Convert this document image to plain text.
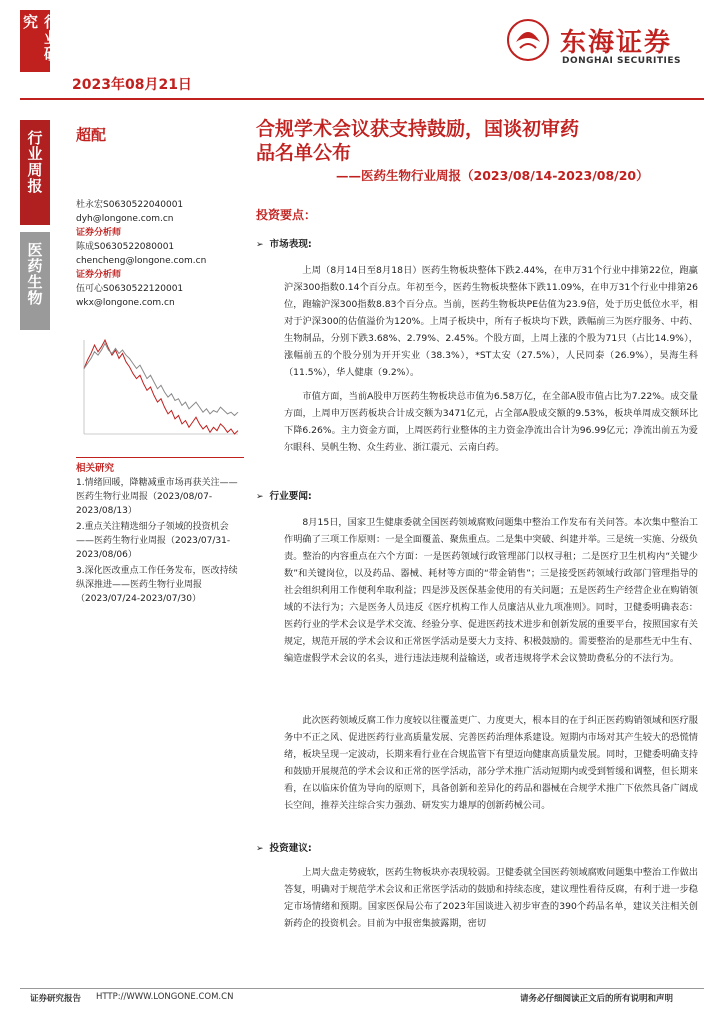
行业研究
行业周报
医药生物
2023年08月21日
东海证券
DONGHAI SECURITIES
超配	合规学术会议获支持鼓励，国谈初审药
品名单公布
——医药生物行业周报（2023/08/14-2023/08/20）
杜永宏S0630522040001
dyh@longone.com.cn
证券分析师
陈成S0630522080001
chencheng@longone.com.cn
证券分析师
伍可心S0630522120001
wkx@longone.com.cn
相关研究
1.情绪回暖，降糖减重市场再获关注——医药生物行业周报（2023/08/07-2023/08/13）
2.重点关注精选细分子领域的投资机会——医药生物行业周报（2023/07/31-2023/08/06）
3.深化医改重点工作任务发布，医改持续纵深推进——医药生物行业周报（2023/07/24-2023/07/30）
投资要点：
➢ 市场表现:
上周（8月14日至8月18日）医药生物板块整体下跌2.44%，在申万31个行业中排第22位，跑赢沪深300指数0.14个百分点。年初至今，医药生物板块整体下跌11.09%，在申万31个行业中排第26位，跑输沪深300指数8.83个百分点。当前，医药生物板块PE估值为23.9倍，处于历史低位水平，相对于沪深300的估值溢价为120%。上周子板块中，所有子板块均下跌，跌幅前三为医疗服务、中药、生物制品，分别下跌3.68%、2.79%、2.45%。个股方面，上周上涨的个股为71只（占比14.9%），涨幅前五的个股分别为开开实业（38.3%），*ST太安（27.5%），人民同泰（26.9%），昊海生科（11.5%），华人健康（9.2%）。
市值方面，当前A股申万医药生物板块总市值为6.58万亿，在全部A股市值占比为7.22%。成交量方面，上周申万医药板块合计成交额为3471亿元，占全部A股成交额的9.53%，板块单周成交额环比下降6.26%。主力资金方面，上周医药行业整体的主力资金净流出合计为96.99亿元；净流出前五为爱尔眼科、昊帆生物、众生药业、浙江震元、云南白药。
➢ 行业要闻:
8月15日，国家卫生健康委就全国医药领域腐败问题集中整治工作发布有关问答。本次集中整治工作明确了三项工作原则：一是全面覆盖、聚焦重点。二是集中突破、纠建并举。三是统一实施、分级负责。整治的内容重点在六个方面：一是医药领域行政管理部门以权寻租；二是医疗卫生机构内“关键少数”和关键岗位，以及药品、器械、耗材等方面的“带金销售”；三是接受医药领域行政部门管理指导的社会组织利用工作便利牟取利益；四是涉及医保基金使用的有关问题；五是医药生产经营企业在购销领域的不法行为；六是医务人员违反《医疗机构工作人员廉洁从业九项准则》。同时，卫健委明确表态：医药行业的学术会议是学术交流、经验分享、促进医药技术进步和创新发展的重要平台，按照国家有关规定，规范开展的学术会议和正常医学活动是要大力支持、积极鼓励的。需要整治的是那些无中生有、编造虚假学术会议的名头，进行违法违规利益输送，或者违规将学术会议赞助费私分的不法行为。
此次医药领域反腐工作力度较以往覆盖更广、力度更大，根本目的在于纠正医药购销领域和医疗服务中不正之风、促进医药行业高质量发展、完善医药治理体系建设。短期内市场对其产生较大的恐慌情绪，板块呈现一定波动，长期来看行业在合规监管下有望迈向健康高质量发展。同时，卫健委明确支持和鼓励开展规范的学术会议和正常的医学活动，部分学术推广活动短期内或受到暂缓和调整，但长期来看，在以临床价值为导向的原则下，具备创新和差异化的药品和器械在合规学术推广下依然具备广阔成长空间，推荐关注综合实力强劲、研发实力雄厚的创新药械公司。
➢ 投资建议:
上周大盘走势疲软，医药生物板块亦表现较弱。卫健委就全国医药领域腐败问题集中整治工作做出答复，明确对于规范学术会议和正常医学活动的鼓励和持续态度，建议理性看待反腐，有利于进一步稳定市场情绪和预期。国家医保局公布了2023年国谈进入初步审查的390个药品名单，建议关注相关创新药企的投资机会。目前为中报密集披露期，密切
证券研究报告 HTTP://WWW.LONGONE.COM.CN	请务必仔细阅读正文后的所有说明和声明
